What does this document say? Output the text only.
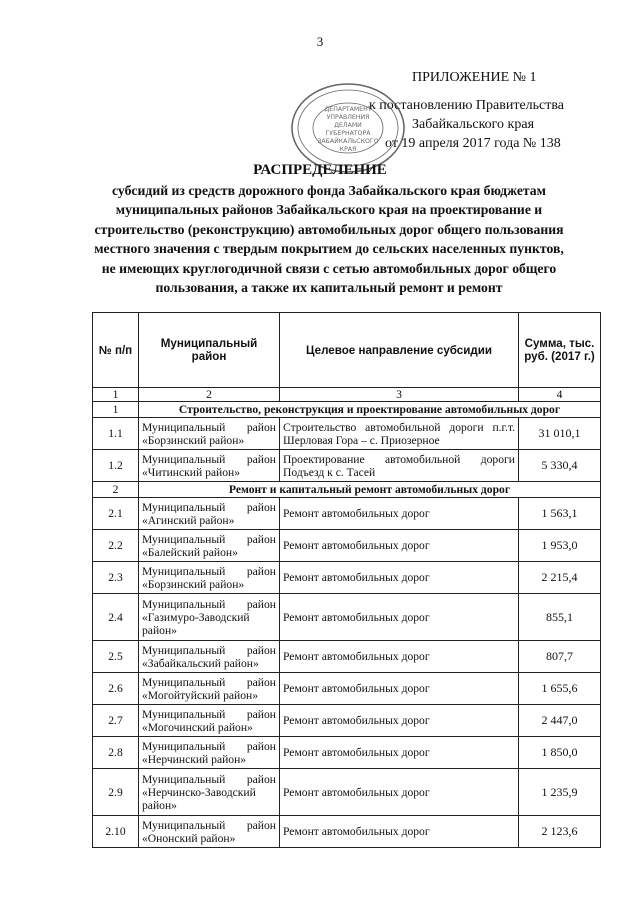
3
ПРИЛОЖЕНИЕ № 1
к постановлению Правительства
Забайкальского края
от 19 апреля 2017 года № 138
ДЕПАРТАМЕНТ
УПРАВЛЕНИЯ
ДЕЛАМИ
ГУБЕРНАТОРА
ЗАБАЙКАЛЬСКОГО
КРАЯ
РАСПРЕДЕЛЕНИЕ
субсидий из средств дорожного фонда Забайкальского края бюджетам муниципальных районов Забайкальского края на проектирование и строительство (реконструкцию) автомобильных дорог общего пользования местного значения с твердым покрытием до сельских населенных пунктов, не имеющих круглогодичной связи с сетью автомобильных дорог общего пользования, а также их капитальный ремонт и ремонт
№ п/п	Муниципальный район	Целевое направление субсидии	Сумма, тыс. руб. (2017 г.)
1	2	3	4
1	Строительство, реконструкция и проектирование автомобильных дорог		
1.1	Муниципальный район «Борзинский район»	Строительство автомобильной дороги п.г.т. Шерловая Гора – с. Приозерное	31 010,1
1.2	Муниципальный район «Читинский район»	Проектирование автомобильной дороги Подъезд к с. Тасей	5 330,4
2	Ремонт и капитальный ремонт автомобильных дорог		
2.1	Муниципальный район «Агинский район»	Ремонт автомобильных дорог	1 563,1
2.2	Муниципальный район «Балейский район»	Ремонт автомобильных дорог	1 953,0
2.3	Муниципальный район «Борзинский район»	Ремонт автомобильных дорог	2 215,4
2.4	Муниципальный район «Газимуро-Заводский район»	Ремонт автомобильных дорог	855,1
2.5	Муниципальный район «Забайкальский район»	Ремонт автомобильных дорог	807,7
2.6	Муниципальный район «Могойтуйский район»	Ремонт автомобильных дорог	1 655,6
2.7	Муниципальный район «Могочинский район»	Ремонт автомобильных дорог	2 447,0
2.8	Муниципальный район «Нерчинский район»	Ремонт автомобильных дорог	1 850,0
2.9	Муниципальный район «Нерчинско-Заводский район»	Ремонт автомобильных дорог	1 235,9
2.10	Муниципальный район «Ононский район»	Ремонт автомобильных дорог	2 123,6
